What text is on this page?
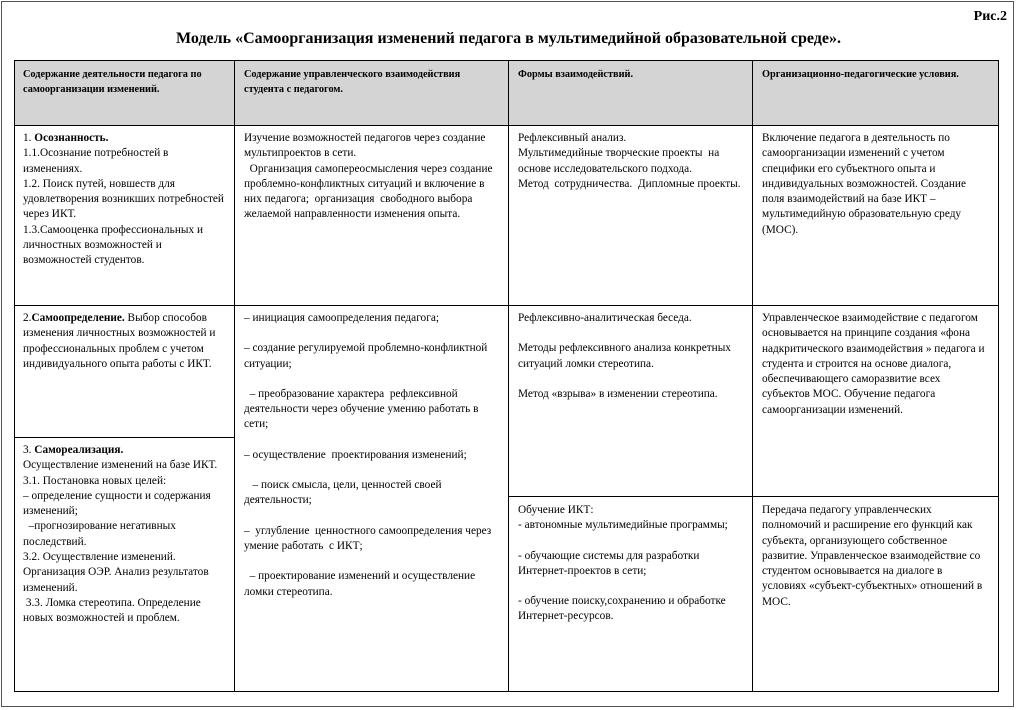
Рис.2
Модель «Самоорганизация изменений педагога в мультимедийной образовательной среде».
Содержание деятельности педагога по самоорганизации изменений.
Содержание управленческого взаимодействия студента с педагогом.
Формы взаимодействий.	Организационно-педагогические условия.
1. Осознанность.
1.1.Осознание потребностей в изменениях.
1.2. Поиск путей, новшеств для удовлетворения возникших потребностей через ИКТ.
1.3.Самооценка профессиональных и личностных возможностей и возможностей студентов.
Изучение возможностей педагогов через создание  мультипроектов в сети.
Организация самопереосмысления через создание проблемно-конфликтных ситуаций и включение в них педагога;  организация  свободного выбора желаемой направленности изменения опыта.
Рефлексивный анализ.
Мультимедийные творческие проекты  на основе исследовательского подхода.
Метод  сотрудничества.  Дипломные проекты.
Включение педагога в деятельность по самоорганизации изменений с учетом специфики его субъектного опыта и индивидуальных возможностей. Создание поля взаимодействий на базе ИКТ – мультимедийную образовательную среду (МОС).
2.Самоопределение. Выбор способов изменения личностных возможностей и профессиональных проблем с учетом индивидуального опыта работы с ИКТ.
Рефлексивно-аналитическая беседа.
Методы рефлексивного анализа конкретных ситуаций ломки стереотипа.
Метод «взрыва» в изменении стереотипа.
Управленческое взаимодействие с педагогом основывается на принципе создания «фона надкритического взаимодействия » педагога и студента и строится на основе диалога, обеспечивающего саморазвитие всех субъектов МОС. Обучение педагога самоорганизации изменений.
– инициация самоопределения педагога;
– создание регулируемой проблемно-конфликтной ситуации;
– преобразование характера  рефлексивной деятельности через обучение умению работать в сети;
– осуществление  проектирования изменений;
– поиск смысла, цели, ценностей своей деятельности;
–  углубление  ценностного самоопределения через умение работать  с ИКТ;
– проектирование изменений и осуществление ломки стереотипа.
3. Самореализация.
Осуществление изменений на базе ИКТ.
3.1. Постановка новых целей:
– определение сущности и содержания изменений;
–прогнозирование негативных последствий.
3.2. Осуществление изменений. Организация ОЭР. Анализ результатов изменений.
3.3. Ломка стереотипа. Определение новых возможностей и проблем.
Обучение ИКТ:
- автономные мультимедийные программы;
- обучающие системы для разработки Интернет-проектов в сети;
- обучение поиску,сохранению и обработке Интернет-ресурсов.
Передача педагогу управленческих полномочий и расширение его функций как субъекта, организующего собственное развитие. Управленческое взаимодействие со студентом основывается на диалоге в условиях «субъект-субъектных» отношений в МОС.
